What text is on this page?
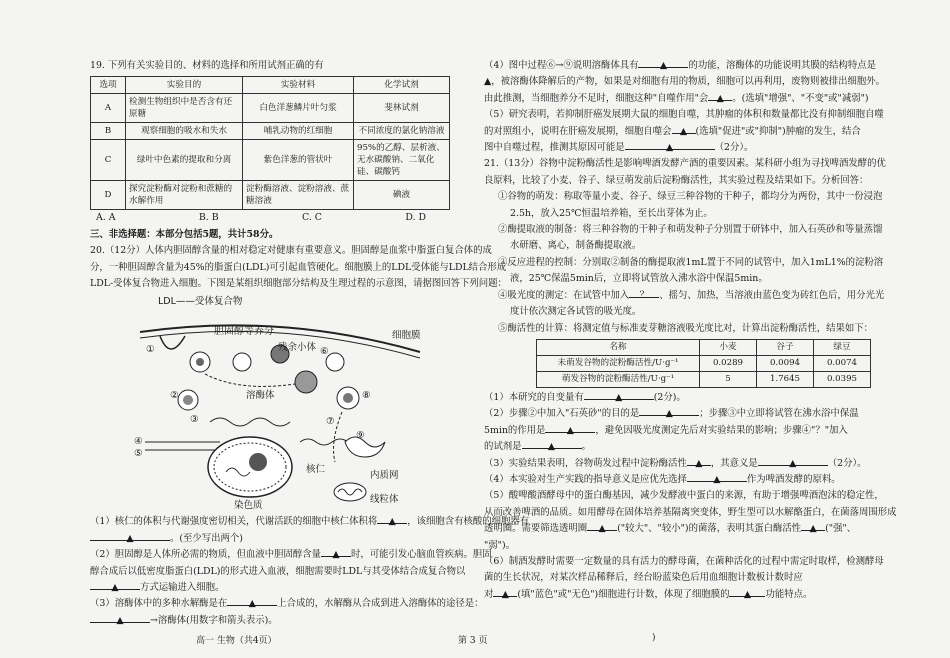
19. 下列有关实验目的、材料的选择和所用试剂正确的有

选项	实验目的	实验材料	化学试剂
A	检测生物组织中是否含有还原糖	白色洋葱鳞片叶匀浆	斐林试剂
B	观察细胞的吸水和失水	哺乳动物的红细胞	不同浓度的氯化钠溶液
C	绿叶中色素的提取和分离	紫色洋葱的管状叶	95%的乙醇、层析液、无水碳酸钠、二氧化硅、碳酸钙
D	探究淀粉酶对淀粉和蔗糖的水解作用	淀粉酶溶液、淀粉溶液、蔗糖溶液	碘液
A. A	B. B	C. C	D. D

三、非选择题：本部分包括5题，共计58分。

20.（12分）人体内胆固醇含量的相对稳定对健康有重要意义。胆固醇是血浆中脂蛋白复合体的成

分，一种胆固醇含量为45%的脂蛋白(LDL)可引起血管硬化。细胞膜上的LDL受体能与LDL结合形成

LDL-受体复合物进入细胞。下图是某组织细胞部分结构及生理过程的示意图，请据图回答下列问题：

LDL——受体复合物
细胞膜
胆固醇等养分
残余小体
溶酶体
核仁
内质网
染色质
线粒体
①
②
③
④
⑤
⑥
⑦
⑧
⑨

（1）核仁的体积与代谢强度密切相关，代谢活跃的细胞中核仁体积将 ▲ ，该细胞含有核酸的细胞器有

▲	。(至少写出两个)

（2）胆固醇是人体所必需的物质，但血液中胆固醇含量 ▲ 时，可能引发心脑血管疾病。胆固

醇合成后以低密度脂蛋白(LDL)的形式进入血液，细胞需要时LDL与其受体结合成复合物以

▲ 方式运输进入细胞。

（3）溶酶体中的多种水解酶是在 ▲ 上合成的，水解酶从合成到进入溶酶体的途径是：

▲	→溶酶体(用数字和箭头表示)。

（4）图中过程⑥→⑨说明溶酶体具有 ▲ 的功能，溶酶体的功能说明其膜的结构特点是

▲，被溶酶体降解后的产物，如果是对细胞有用的物质，细胞可以再利用，废物则被排出细胞外。

由此推测，当细胞养分不足时，细胞这种"自噬作用"会 ▲ 。(选填"增强"、"不变"或"减弱")

（5）研究表明，若抑制肝癌发展期大鼠的细胞自噬，其肿瘤的体积和数量都比没有抑制细胞自噬

的对照组小，说明在肝癌发展期，细胞自噬会 ▲ (选填"促进"或"抑制")肿瘤的发生，结合

图中自噬过程，推测其原因可能是	▲	（2分）。

21.（13分）谷物中淀粉酶活性是影响啤酒发酵产酒的重要因素。某科研小组为寻找啤酒发酵的优

良原料，比较了小麦、谷子、绿豆萌发前后淀粉酶活性，其实验过程及结果如下。分析回答：

①谷物的萌发：称取等量小麦、谷子、绿豆三种谷物的干种子，都均分为两份，其中一份浸泡

2.5h，放入25℃恒温培养箱，至长出芽体为止。

②酶提取液的制备：将三种谷物的干种子和萌发种子分别置于研钵中，加入石英砂和等量蒸馏

水研磨、离心，制备酶提取液。

③反应进程的控制：分别取②制备的酶提取液1mL置于不同的试管中，加入1mL1%的淀粉溶

液，25℃保温5min后，立即将试管放入沸水浴中保温5min。

④吸光度的测定：在试管中加入 ？ 、摇匀、加热，当溶液由蓝色变为砖红色后，用分光光

度计依次测定各试管的吸光度。

⑤酶活性的计算：将测定值与标准麦芽糖溶液吸光度比对，计算出淀粉酶活性，结果如下：

名称	小麦	谷子	绿豆
未萌发谷物的淀粉酶活性/U·g⁻¹	0.0289	0.0094	0.0074
萌发谷物的淀粉酶活性/U·g⁻¹	5	1.7645	0.0395

（1）本研究的自变量有	▲	(2分)。

（2）步骤②中加入"石英砂"的目的是	▲	；步骤③中立即将试管在沸水浴中保温

5min的作用是 ▲ ，避免因吸光度测定先后对实验结果的影响；步骤④"？"加入

的试剂是	▲	。

（3）实验结果表明，谷物萌发过程中淀粉酶活性 ▲ ，其意义是	▲	（2分）。

（4）本实验对生产实践的指导意义是应优先选择	▲	作为啤酒发酵的原料。

（5）酸啤酸酒酵母中的蛋白酶基因，减少发酵液中蛋白的来源，有助于增强啤酒泡沫的稳定性，

从而改善啤酒的品质。如用酵母在固体培养基隔离突变体，野生型可以水解酪蛋白，在菌落周围形成

透明圈。需要筛选透明圈 ▲ ("较大"、"较小")的菌落，表明其蛋白酶活性 ▲ ("强"、

"弱")。

（6）制酒发酵时需要一定数量的具有活力的酵母菌，在菌种活化的过程中需定时取样，检测酵母

菌的生长状况，对某次样品稀释后，经台盼蓝染色后用血细胞计数板计数时应

对 ▲ (填"蓝色"或"无色")细胞进行计数，体现了细胞膜的 ▲ 功能特点。

高一 生物（共4页）	第 3 页	)
